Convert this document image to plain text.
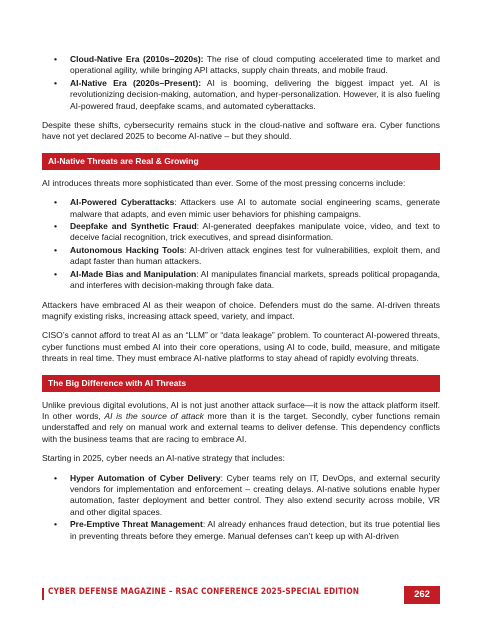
• Cloud-Native Era (2010s–2020s): The rise of cloud computing accelerated time to market and operational agility, while bringing API attacks, supply chain threats, and mobile fraud.
• AI-Native Era (2020s–Present): AI is booming, delivering the biggest impact yet. AI is revolutionizing decision-making, automation, and hyper-personalization. However, it is also fueling AI-powered fraud, deepfake scams, and automated cyberattacks.

Despite these shifts, cybersecurity remains stuck in the cloud-native and software era. Cyber functions have not yet declared 2025 to become AI-native – but they should.

AI-Native Threats are Real & Growing

AI introduces threats more sophisticated than ever. Some of the most pressing concerns include:

• AI-Powered Cyberattacks: Attackers use AI to automate social engineering scams, generate malware that adapts, and even mimic user behaviors for phishing campaigns.
• Deepfake and Synthetic Fraud: AI-generated deepfakes manipulate voice, video, and text to deceive facial recognition, trick executives, and spread disinformation.
• Autonomous Hacking Tools: AI-driven attack engines test for vulnerabilities, exploit them, and adapt faster than human attackers.
• AI-Made Bias and Manipulation: AI manipulates financial markets, spreads political propaganda, and interferes with decision-making through fake data.

Attackers have embraced AI as their weapon of choice. Defenders must do the same. AI-driven threats magnify existing risks, increasing attack speed, variety, and impact.

CISO’s cannot afford to treat AI as an “LLM” or “data leakage” problem. To counteract AI-powered threats, cyber functions must embed AI into their core operations, using AI to code, build, measure, and mitigate threats in real time. They must embrace AI-native platforms to stay ahead of rapidly evolving threats.

The Big Difference with AI Threats

Unlike previous digital evolutions, AI is not just another attack surface—it is now the attack platform itself. In other words, AI is the source of attack more than it is the target. Secondly, cyber functions remain understaffed and rely on manual work and external teams to deliver defense. This dependency conflicts with the business teams that are racing to embrace AI.

Starting in 2025, cyber needs an AI-native strategy that includes:

• Hyper Automation of Cyber Delivery: Cyber teams rely on IT, DevOps, and external security vendors for implementation and enforcement – creating delays. AI-native solutions enable hyper automation, faster deployment and better control. They also extend security across mobile, VR and other digital spaces.
• Pre-Emptive Threat Management: AI already enhances fraud detection, but its true potential lies in preventing threats before they emerge. Manual defenses can’t keep up with AI-driven
CYBER DEFENSE MAGAZINE – RSAC CONFERENCE 2025-SPECIAL EDITION	262
